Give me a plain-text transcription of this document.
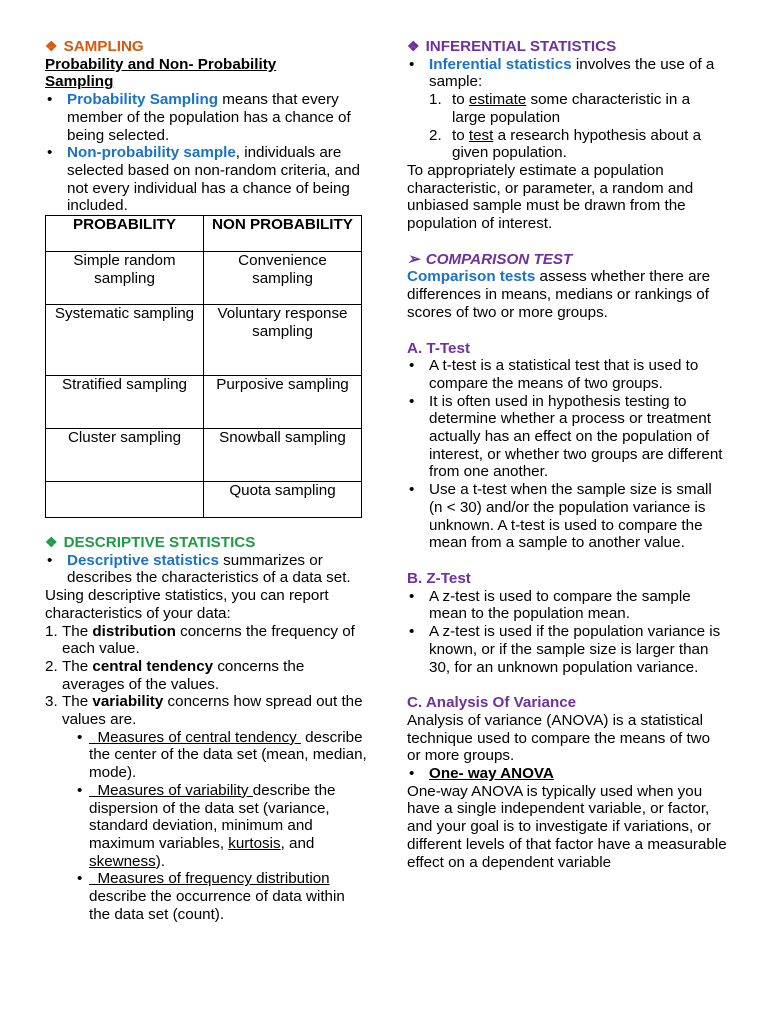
❖ SAMPLING

Probability and Non- Probability
Sampling

• Probability Sampling means that every member of the population has a chance of being selected.
• Non-probability sample, individuals are selected based on non-random criteria, and not every individual has a chance of being included.
PROBABILITY	NON PROBABILITY
Simple random sampling	Convenience sampling
Systematic sampling	Voluntary response sampling
Stratified sampling	Purposive sampling
Cluster sampling	Snowball sampling
	Quota sampling

❖ DESCRIPTIVE STATISTICS

• Descriptive statistics summarizes or describes the characteristics of a data set.

Using descriptive statistics, you can report characteristics of your data:

1. The distribution concerns the frequency of each value.
2. The central tendency concerns the averages of the values.
3. The variability concerns how spread out the values are.
•   Measures of central tendency  describe the center of the data set (mean, median, mode).
•   Measures of variability describe the dispersion of the data set (variance, standard deviation, minimum and maximum variables, kurtosis, and skewness).
•   Measures of frequency distribution describe the occurrence of data within the data set (count).

❖ INFERENTIAL STATISTICS

• Inferential statistics involves the use of a sample:
1. to estimate some characteristic in a large population
2. to test a research hypothesis about a given population.

To appropriately estimate a population characteristic, or parameter, a random and unbiased sample must be drawn from the population of interest.

➢ COMPARISON TEST

Comparison tests assess whether there are differences in means, medians or rankings of scores of two or more groups.

A. T-Test

• A t-test is a statistical test that is used to compare the means of two groups.
• It is often used in hypothesis testing to determine whether a process or treatment actually has an effect on the population of interest, or whether two groups are different from one another.
• Use a t-test when the sample size is small (n < 30) and/or the population variance is unknown. A t-test is used to compare the mean from a sample to another value.

B. Z-Test

• A z-test is used to compare the sample mean to the population mean.
• A z-test is used if the population variance is known, or if the sample size is larger than 30, for an unknown population variance.

C. Analysis Of Variance

Analysis of variance (ANOVA) is a statistical technique used to compare the means of two or more groups.

• One- way ANOVA

One-way ANOVA is typically used when you have a single independent variable, or factor, and your goal is to investigate if variations, or different levels of that factor have a measurable effect on a dependent variable
